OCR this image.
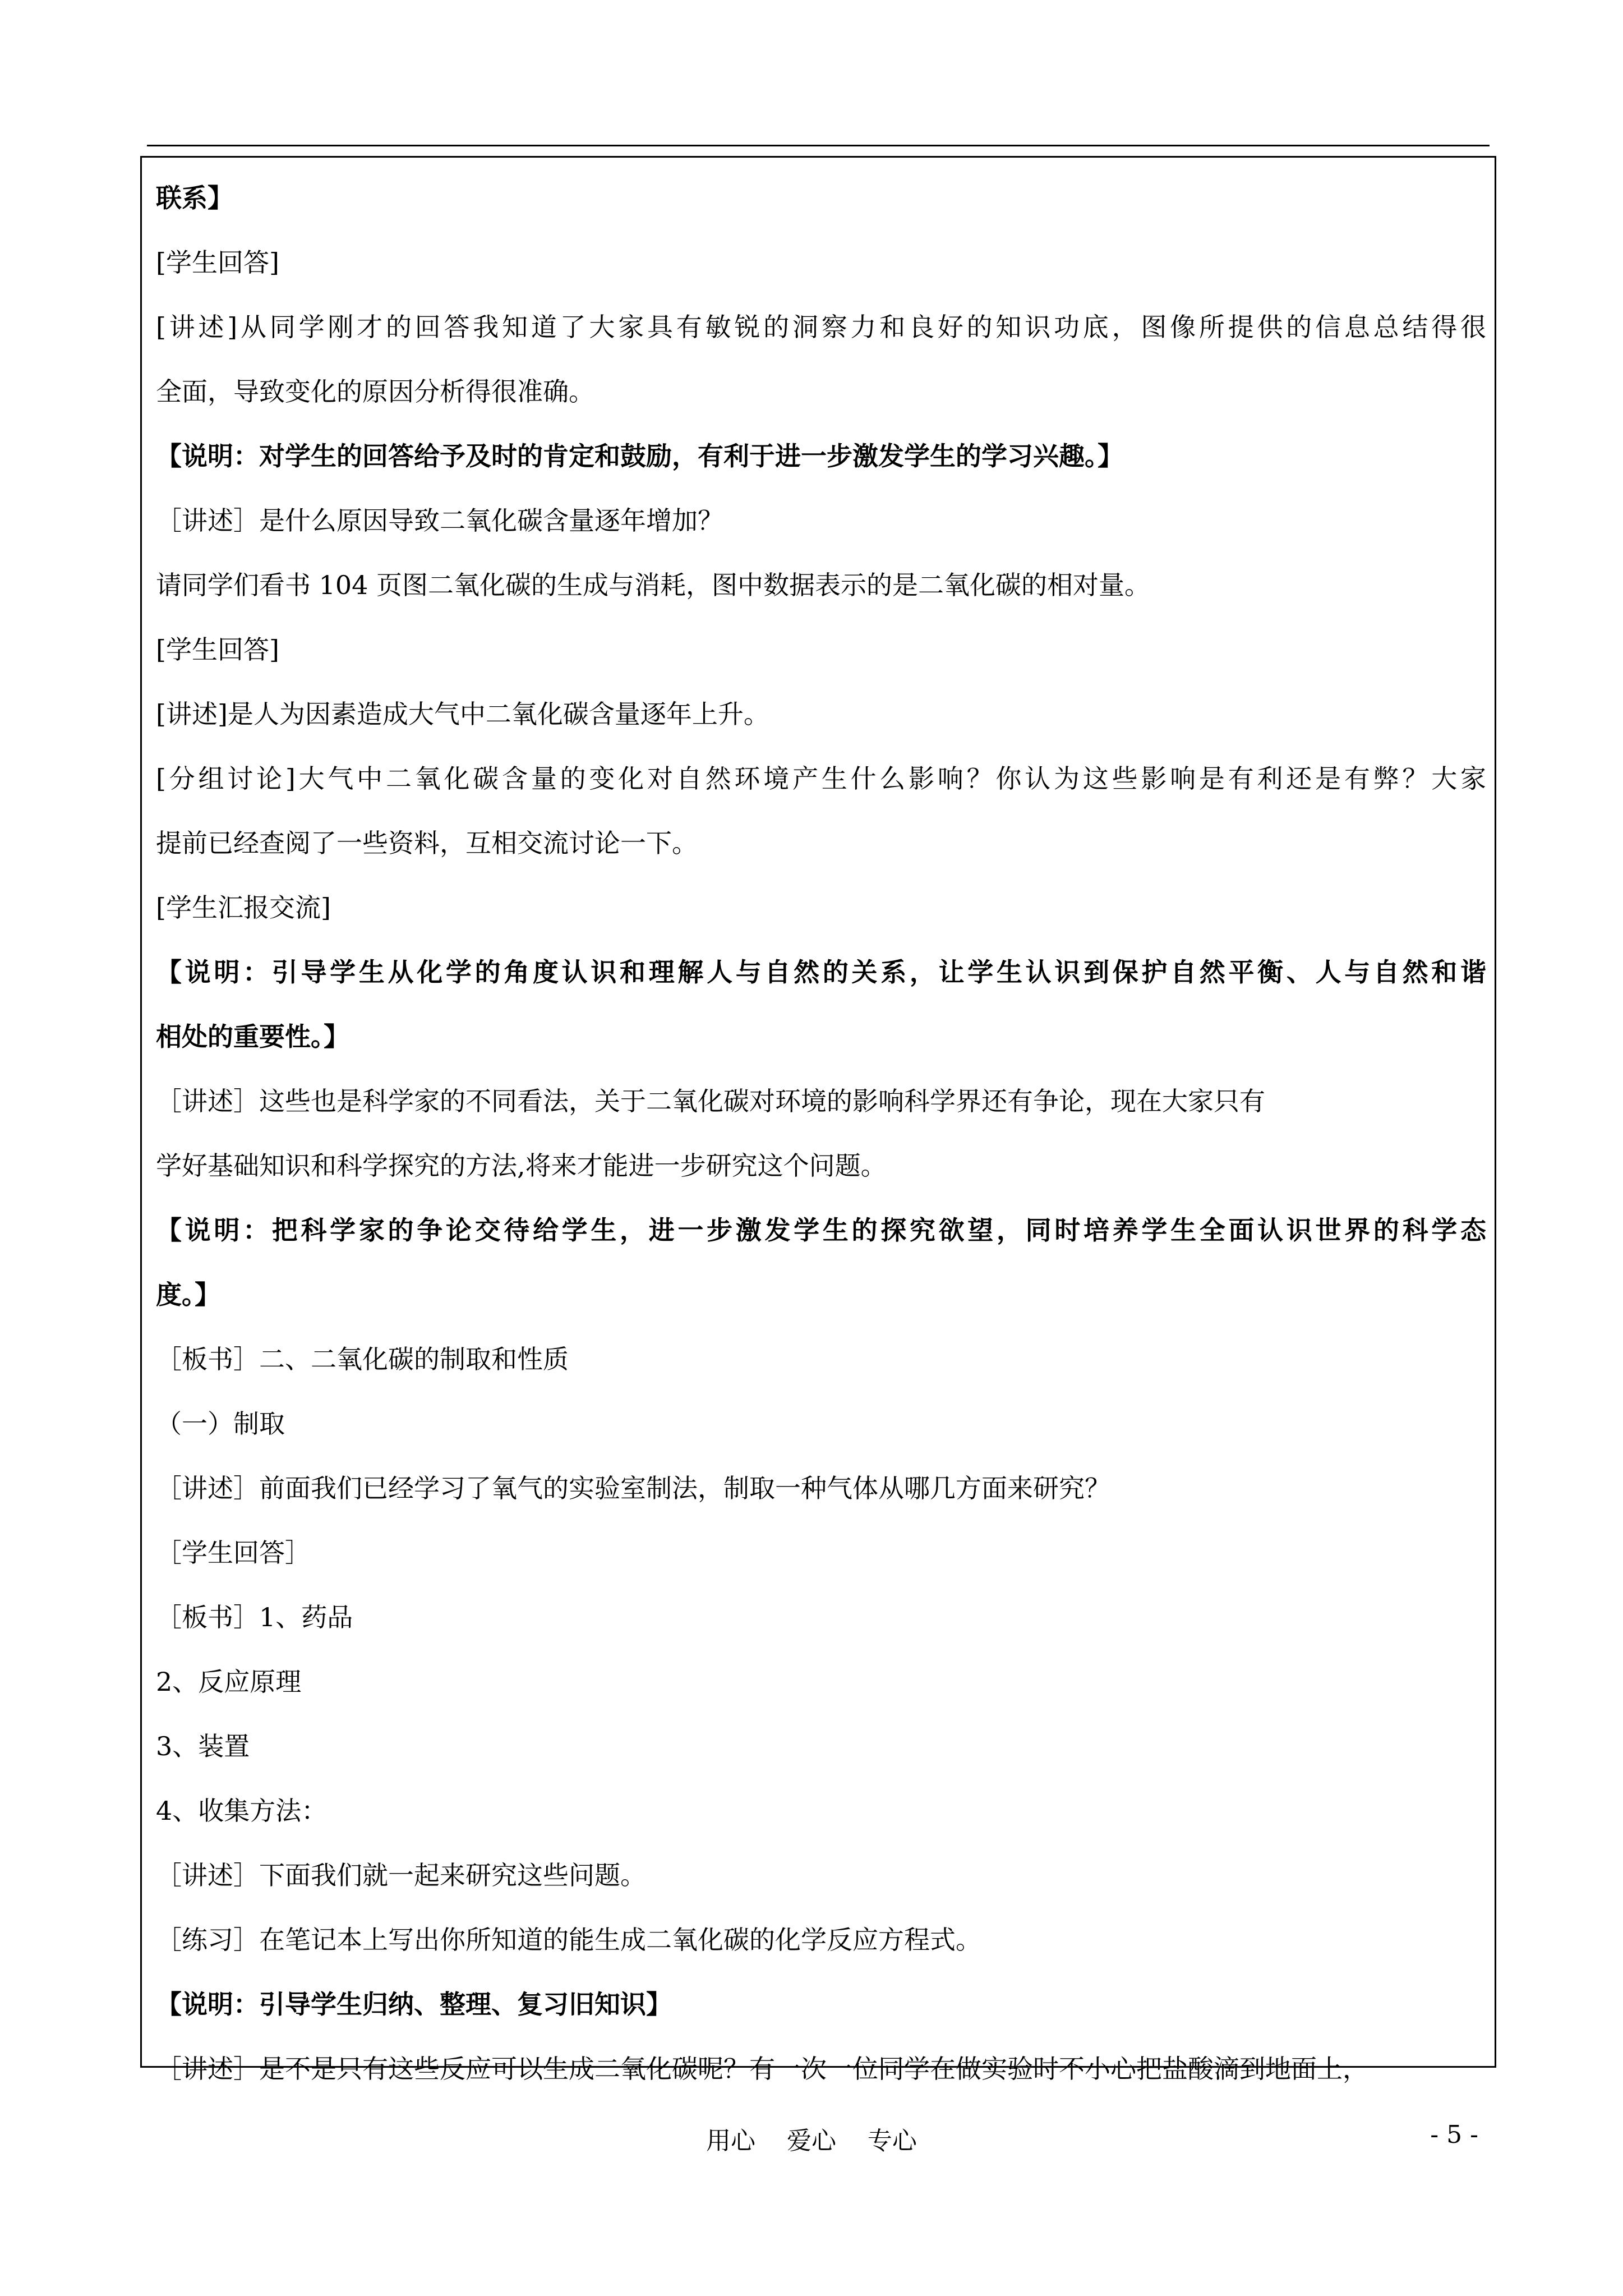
联系】
[学生回答]
[讲述]从同学刚才的回答我知道了大家具有敏锐的洞察力和良好的知识功底，图像所提供的信息总结得很
全面，导致变化的原因分析得很准确。
【说明：对学生的回答给予及时的肯定和鼓励，有利于进一步激发学生的学习兴趣。】
［讲述］是什么原因导致二氧化碳含量逐年增加？
请同学们看书 104 页图二氧化碳的生成与消耗，图中数据表示的是二氧化碳的相对量。
[学生回答]
[讲述]是人为因素造成大气中二氧化碳含量逐年上升。
[分组讨论]大气中二氧化碳含量的变化对自然环境产生什么影响？你认为这些影响是有利还是有弊？大家
提前已经查阅了一些资料，互相交流讨论一下。
[学生汇报交流]
【说明：引导学生从化学的角度认识和理解人与自然的关系，让学生认识到保护自然平衡、人与自然和谐
相处的重要性。】
［讲述］这些也是科学家的不同看法，关于二氧化碳对环境的影响科学界还有争论，现在大家只有
学好基础知识和科学探究的方法,将来才能进一步研究这个问题。
【说明：把科学家的争论交待给学生，进一步激发学生的探究欲望，同时培养学生全面认识世界的科学态
度。】
［板书］二、二氧化碳的制取和性质
（一）制取
［讲述］前面我们已经学习了氧气的实验室制法，制取一种气体从哪几方面来研究？
［学生回答］
［板书］1、药品
2、反应原理
3、装置
4、收集方法：
［讲述］下面我们就一起来研究这些问题。
［练习］在笔记本上写出你所知道的能生成二氧化碳的化学反应方程式。
【说明：引导学生归纳、整理、复习旧知识】
［讲述］是不是只有这些反应可以生成二氧化碳呢？有一次一位同学在做实验时不小心把盐酸滴到地面上，
用心    爱心    专心	- 5 -
